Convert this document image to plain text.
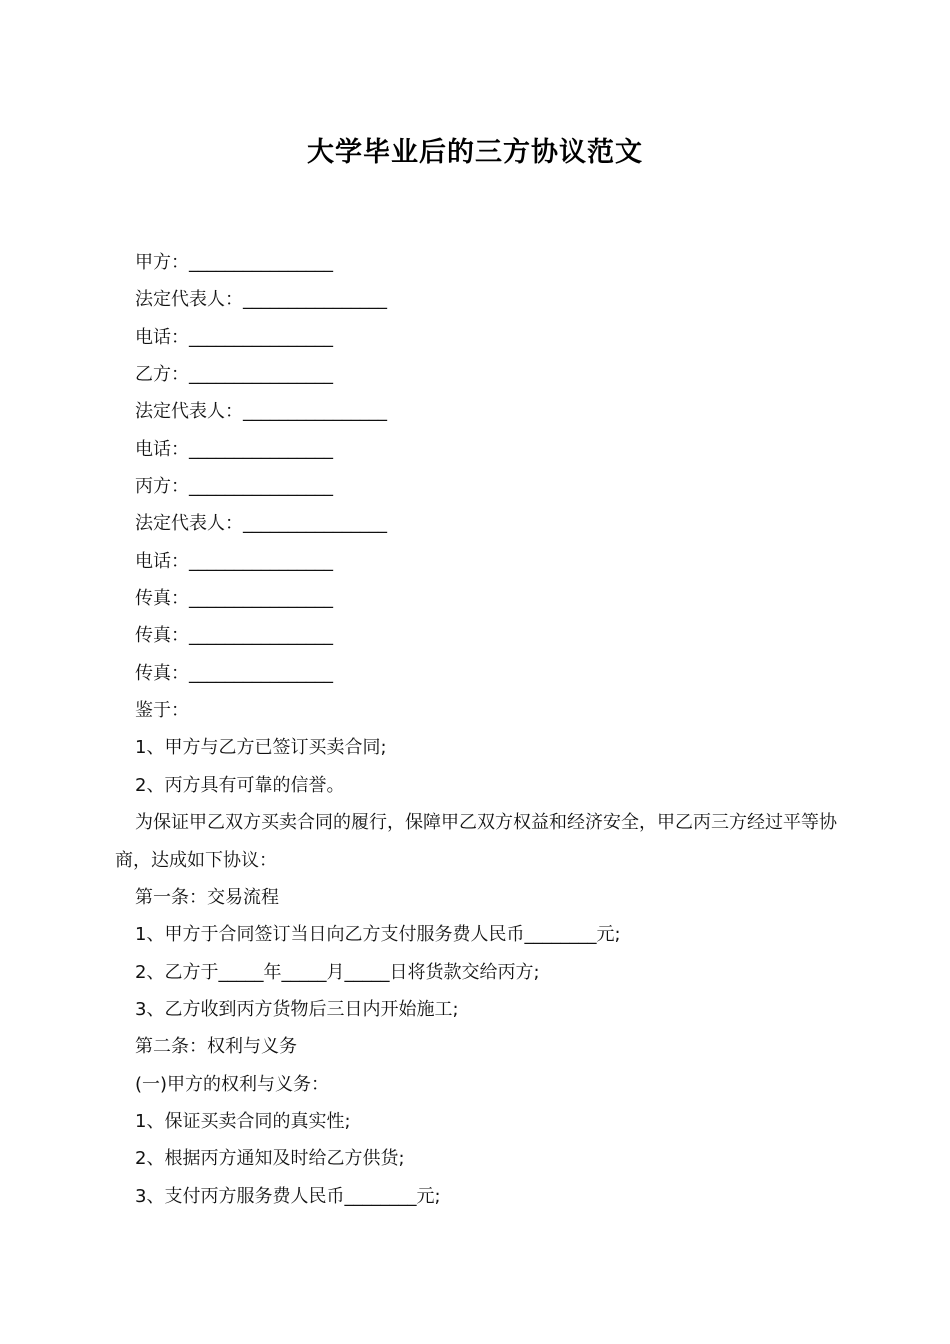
大学毕业后的三方协议范文
甲方：________________
法定代表人：________________
电话：________________
乙方：________________
法定代表人：________________
电话：________________
丙方：________________
法定代表人：________________
电话：________________
传真：________________
传真：________________
传真：________________
鉴于：
1、甲方与乙方已签订买卖合同;
2、丙方具有可靠的信誉。
为保证甲乙双方买卖合同的履行，保障甲乙双方权益和经济安全，甲乙丙三方经过平等协商，达成如下协议：
第一条：交易流程
1、甲方于合同签订当日向乙方支付服务费人民币________元;
2、乙方于_____年_____月_____日将货款交给丙方;
3、乙方收到丙方货物后三日内开始施工;
第二条：权利与义务
(一)甲方的权利与义务：
1、保证买卖合同的真实性;
2、根据丙方通知及时给乙方供货;
3、支付丙方服务费人民币________元;
